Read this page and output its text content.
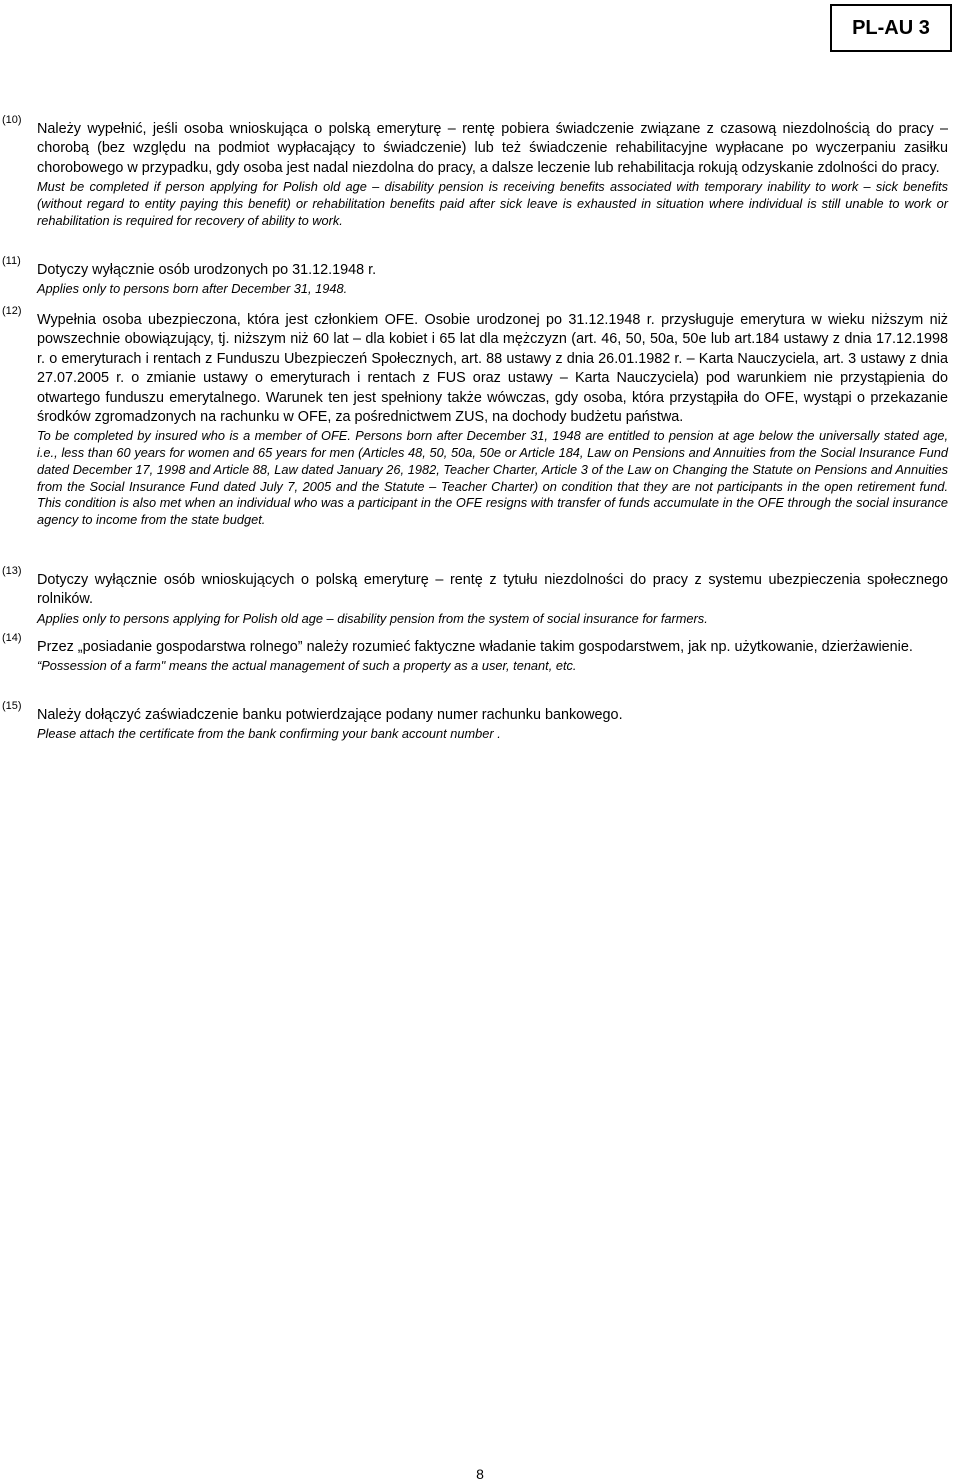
PL-AU 3
(10)

Należy wypełnić, jeśli osoba wnioskująca o polską emeryturę – rentę pobiera świadczenie związane z czasową niezdolnością do pracy – chorobą (bez względu na podmiot wypłacający to świadczenie) lub też świadczenie rehabilitacyjne wypłacane po wyczerpaniu zasiłku chorobowego w przypadku, gdy osoba jest nadal niezdolna do pracy, a dalsze leczenie lub rehabilitacja rokują odzyskanie zdolności do pracy.

Must be completed if person applying for Polish old age – disability pension is receiving benefits associated with temporary inability to work – sick benefits (without regard to entity paying this benefit) or rehabilitation benefits paid after sick leave is exhausted in situation where individual is still unable to work or rehabilitation is required for recovery of ability to work.

(11)

Dotyczy wyłącznie osób urodzonych po 31.12.1948 r.

Applies only to persons born after December 31, 1948.

(12)

Wypełnia osoba ubezpieczona, która jest członkiem OFE. Osobie urodzonej po 31.12.1948 r. przysługuje emerytura w wieku niższym niż powszechnie obowiązujący, tj. niższym niż 60 lat – dla kobiet i 65 lat dla mężczyzn (art. 46, 50, 50a, 50e lub art.184 ustawy z dnia 17.12.1998 r. o emeryturach i rentach z Funduszu Ubezpieczeń Społecznych, art. 88 ustawy z dnia 26.01.1982 r. – Karta Nauczyciela, art. 3 ustawy z dnia 27.07.2005 r. o zmianie ustawy o emeryturach i rentach z FUS oraz ustawy – Karta Nauczyciela) pod warunkiem nie przystąpienia do otwartego funduszu emerytalnego. Warunek ten jest spełniony także wówczas, gdy osoba, która przystąpiła do OFE, wystąpi o przekazanie środków zgromadzonych na rachunku w OFE, za pośrednictwem ZUS, na dochody budżetu państwa.

To be completed by insured who is a member of OFE. Persons born after December 31, 1948 are entitled to pension at age below the universally stated age, i.e., less than 60 years for women and 65 years for men (Articles 48, 50, 50a, 50e or Article 184, Law on Pensions and Annuities from the Social Insurance Fund dated December 17, 1998 and Article 88, Law dated January 26, 1982, Teacher Charter, Article 3 of the Law on Changing the Statute on Pensions and Annuities from the Social Insurance Fund dated July 7, 2005 and the Statute – Teacher Charter) on condition that they are not participants in the open retirement fund. This condition is also met when an individual who was a participant in the OFE resigns with transfer of funds accumulate in the OFE through the social insurance agency to income from the state budget.

(13)

Dotyczy wyłącznie osób wnioskujących o polską emeryturę – rentę z tytułu niezdolności do pracy z systemu ubezpieczenia społecznego rolników.

Applies only to persons applying for Polish old age – disability pension from the system of social insurance for farmers.

(14)

Przez „posiadanie gospodarstwa rolnego” należy rozumieć faktyczne władanie takim gospodarstwem, jak np. użytkowanie, dzierżawienie.

“Possession of a farm" means the actual management of such a property as a user, tenant, etc.

(15)

Należy dołączyć zaświadczenie banku potwierdzające podany numer rachunku bankowego.

Please attach the certificate from the bank confirming your bank account number .

8
